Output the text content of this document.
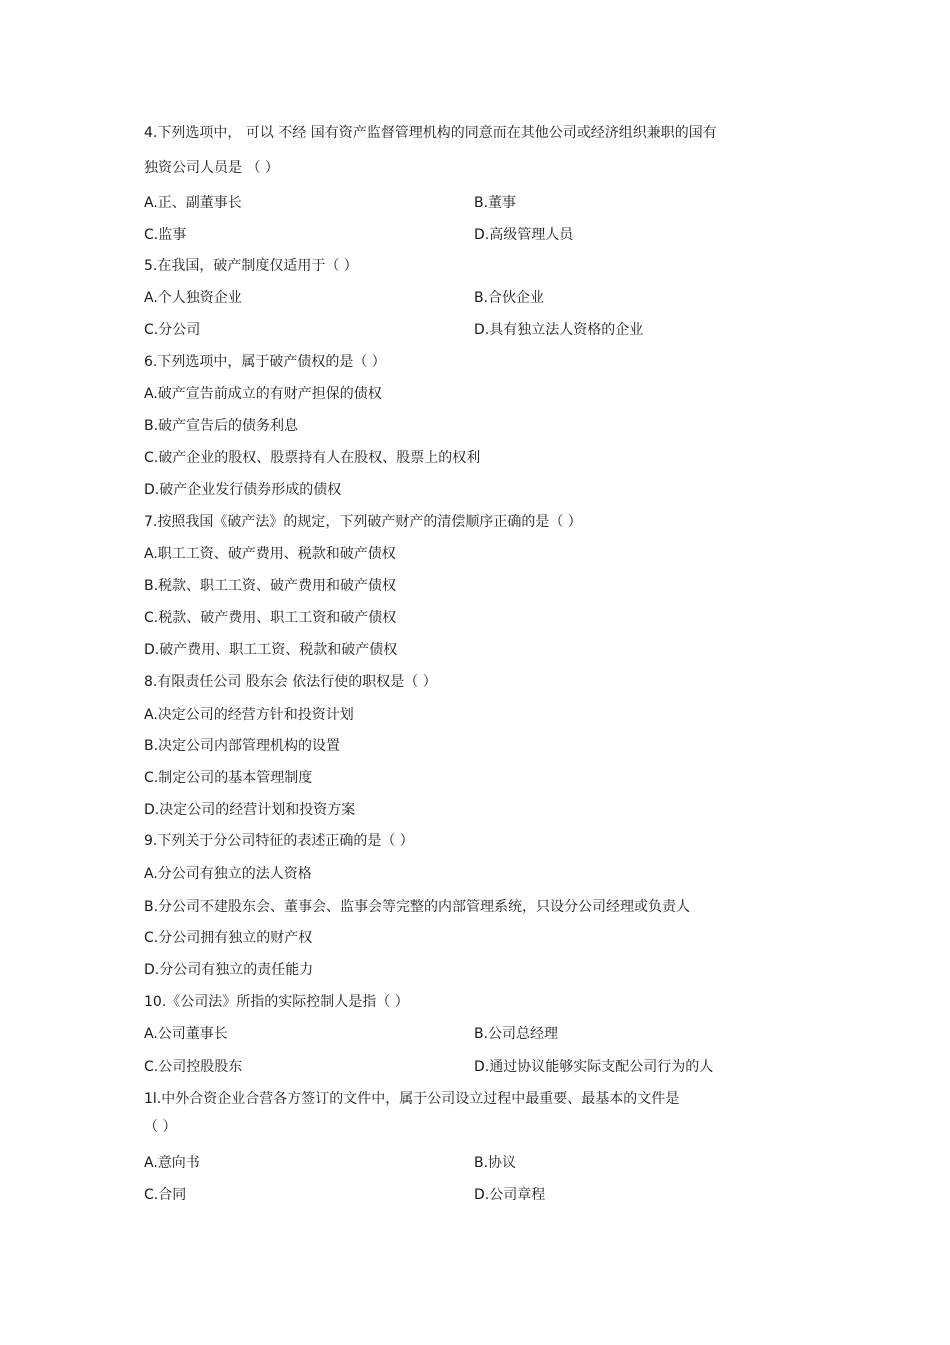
4.下列选项中， 可以 不经 国有资产监督管理机构的同意而在其他公司或经济组织兼职的国有
独资公司人员是 （ ）
A.正、副董事长	B.董事
C.监事	D.高级管理人员
5.在我国，破产制度仅适用于（ ）
A.个人独资企业	B.合伙企业
C.分公司	D.具有独立法人资格的企业
6.下列选项中，属于破产债权的是（ ）
A.破产宣告前成立的有财产担保的债权
B.破产宣告后的债务利息
C.破产企业的股权、股票持有人在股权、股票上的权利
D.破产企业发行债券形成的债权
7.按照我国《破产法》的规定，下列破产财产的清偿顺序正确的是（ ）
A.职工工资、破产费用、税款和破产债权
B.税款、职工工资、破产费用和破产债权
C.税款、破产费用、职工工资和破产债权
D.破产费用、职工工资、税款和破产债权
8.有限责任公司 股东会 依法行使的职权是（ ）
A.决定公司的经营方针和投资计划
B.决定公司内部管理机构的设置
C.制定公司的基本管理制度
D.决定公司的经营计划和投资方案
9.下列关于分公司特征的表述正确的是（ ）
A.分公司有独立的法人资格
B.分公司不建股东会、董事会、监事会等完整的内部管理系统，只设分公司经理或负责人
C.分公司拥有独立的财产权
D.分公司有独立的责任能力
10.《公司法》所指的实际控制人是指（ ）
A.公司董事长	B.公司总经理
C.公司控股股东	D.通过协议能够实际支配公司行为的人
1l.中外合资企业合营各方签订的文件中，属于公司设立过程中最重要、最基本的文件是
（ ）
A.意向书	B.协议
C.合同	D.公司章程
